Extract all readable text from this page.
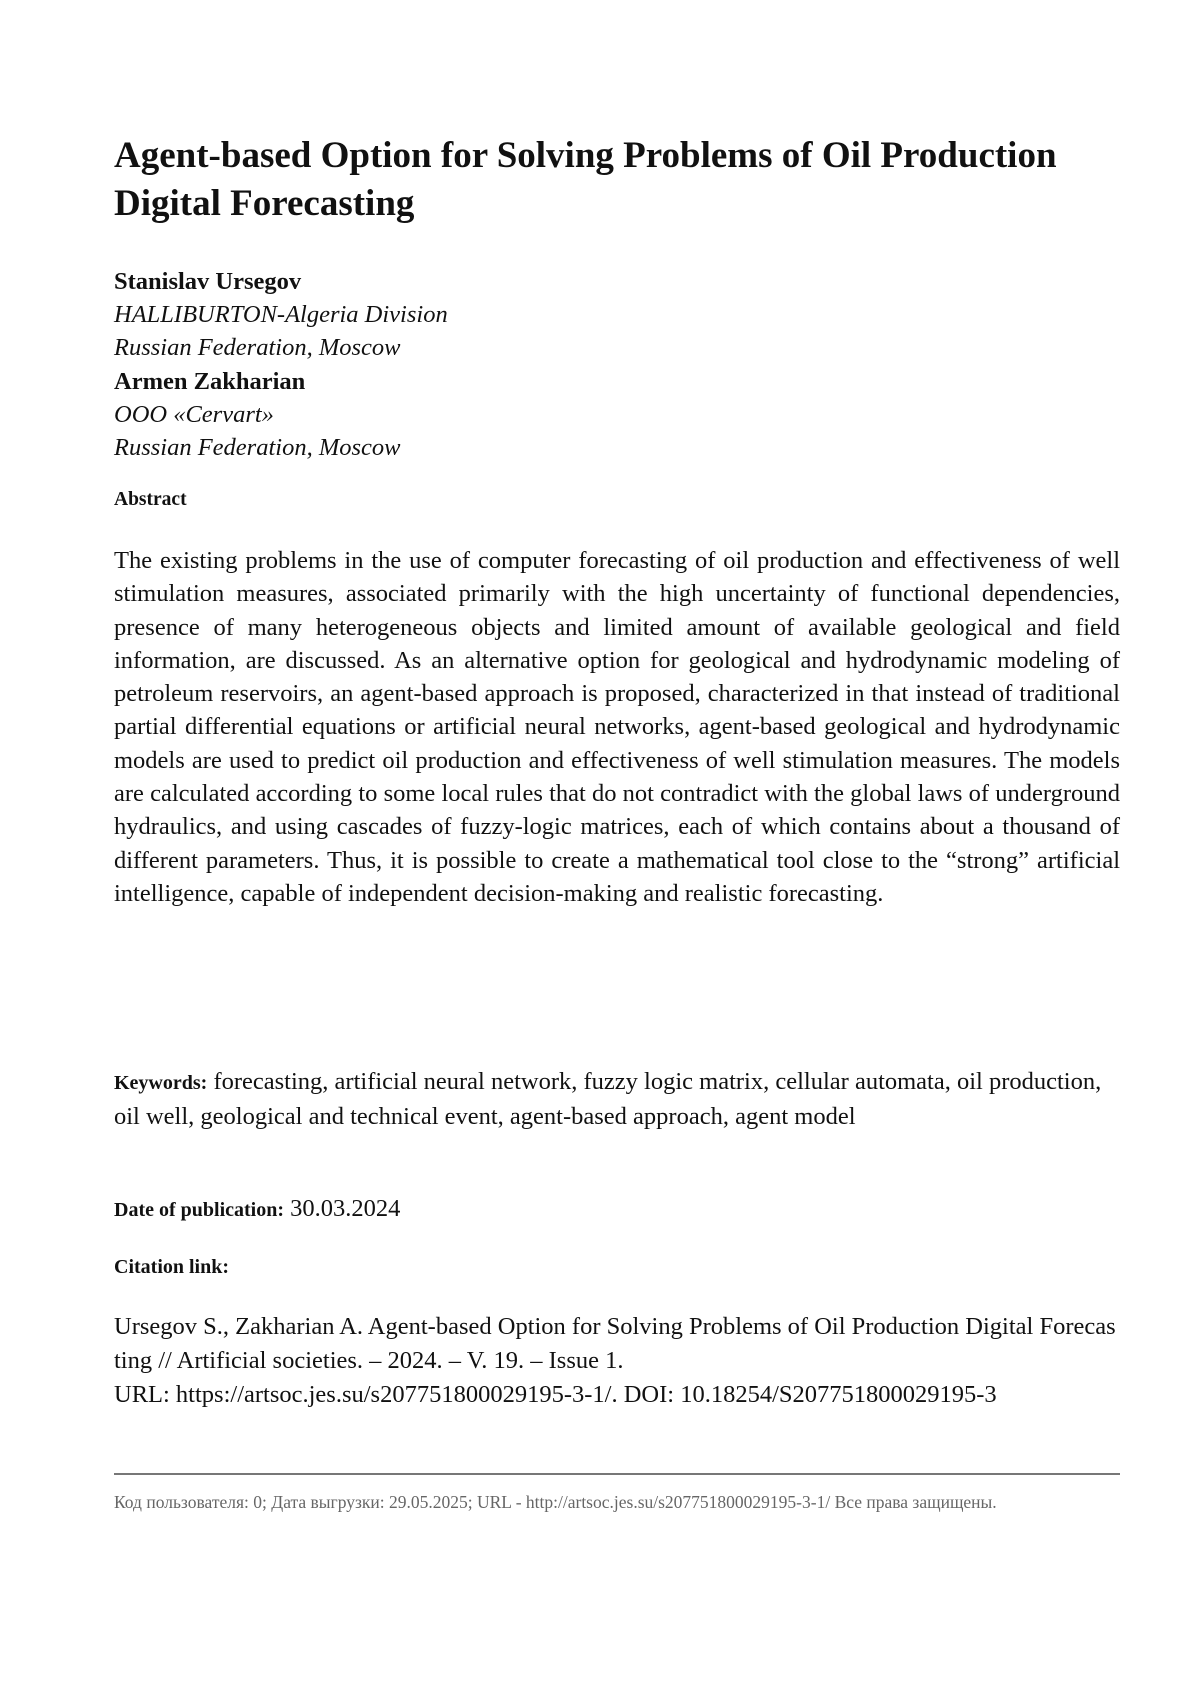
Agent-based Option for Solving Problems of Oil Production Digital Forecasting
Stanislav Ursegov
HALLIBURTON-Algeria Division
Russian Federation, Moscow
Armen Zakharian
OOO «Cervart»
Russian Federation, Moscow
Abstract

The existing problems in the use of computer forecasting of oil production and effectiveness of well stimulation measures, associated primarily with the high uncertainty of functional dependencies, presence of many heterogeneous objects and limited amount of available geological and field information, are discussed. As an alternative option for geological and hydrodynamic modeling of petroleum reservoirs, an agent-based approach is proposed, characterized in that instead of traditional partial differential equations or artificial neural networks, agent-based geological and hydrodynamic models are used to predict oil production and effectiveness of well stimulation measures. The models are calculated according to some local rules that do not contradict with the global laws of underground hydraulics, and using cascades of fuzzy-logic matrices, each of which contains about a thousand of different parameters. Thus, it is possible to create a mathematical tool close to the “strong” artificial intelligence, capable of independent decision-making and realistic forecasting.

Keywords: forecasting, artificial neural network, fuzzy logic matrix, cellular automata, oil production, oil well, geological and technical event, agent-based approach, agent model
Date of publication: 30.03.2024
Citation link:
Ursegov S., Zakharian A. Agent-based Option for Solving Problems of Oil Production Digital Forecasting // Artificial societies. – 2024. – V. 19. – Issue 1.
URL: https://artsoc.jes.su/s207751800029195-3-1/. DOI: 10.18254/S207751800029195-3
Код пользователя: 0; Дата выгрузки: 29.05.2025; URL - http://artsoc.jes.su/s207751800029195-3-1/ Все права защищены.
